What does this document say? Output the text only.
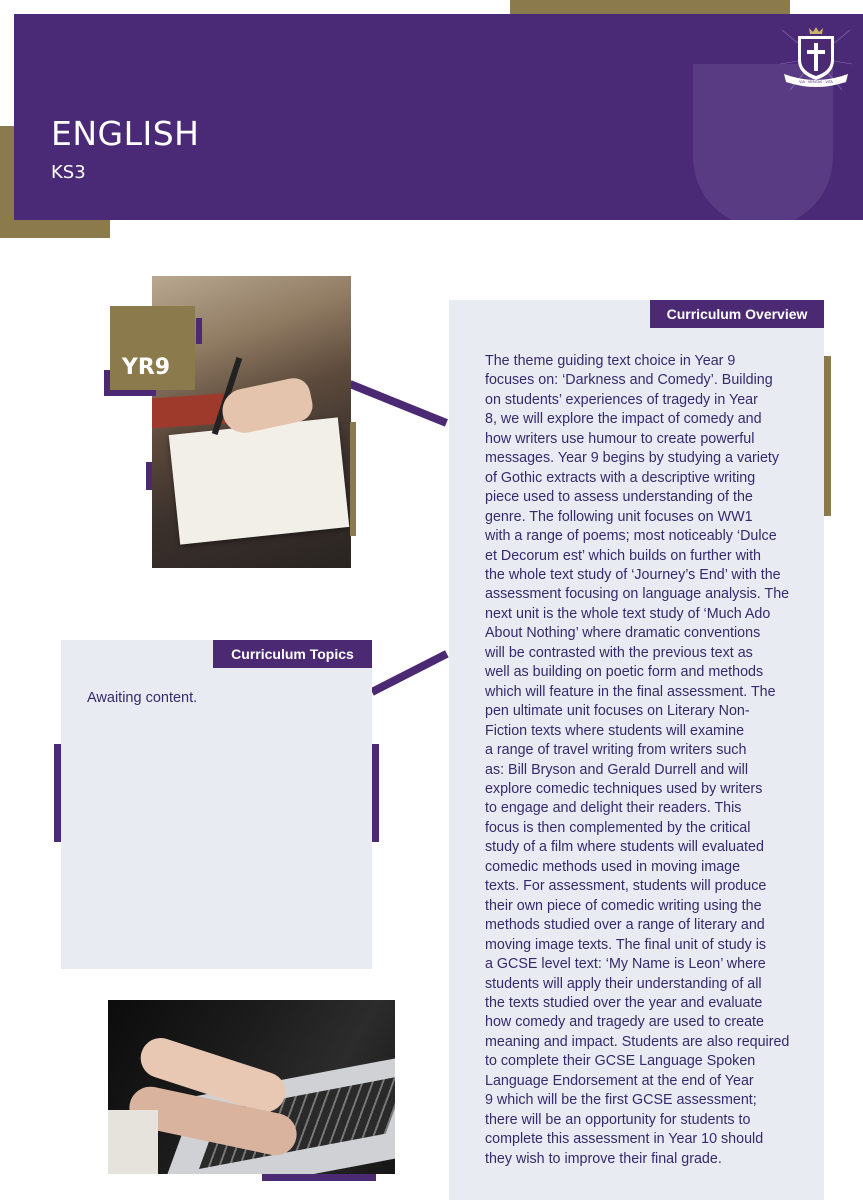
ENGLISH
KS3
VIA · VERITAS · VITA
YR9
Curriculum Overview
The theme guiding text choice in Year 9
focuses on: ‘Darkness and Comedy’. Building
on students’ experiences of tragedy in Year
8, we will explore the impact of comedy and
how writers use humour to create powerful
messages. Year 9 begins by studying a variety
of Gothic extracts with a descriptive writing
piece used to assess understanding of the
genre. The following unit focuses on WW1
with a range of poems; most noticeably ‘Dulce
et Decorum est’ which builds on further with
the whole text study of ‘Journey’s End’ with the
assessment focusing on language analysis. The
next unit is the whole text study of ‘Much Ado
About Nothing’ where dramatic conventions
will be contrasted with the previous text as
well as building on poetic form and methods
which will feature in the final assessment. The
pen ultimate unit focuses on Literary Non-
Fiction texts where students will examine
a range of travel writing from writers such
as: Bill Bryson and Gerald Durrell and will
explore comedic techniques used by writers
to engage and delight their readers. This
focus is then complemented by the critical
study of a film where students will evaluated
comedic methods used in moving image
texts. For assessment, students will produce
their own piece of comedic writing using the
methods studied over a range of literary and
moving image texts. The final unit of study is
a GCSE level text: ‘My Name is Leon’ where
students will apply their understanding of all
the texts studied over the year and evaluate
how comedy and tragedy are used to create
meaning and impact. Students are also required
to complete their GCSE Language Spoken
Language Endorsement at the end of Year
9 which will be the first GCSE assessment;
there will be an opportunity for students to
complete this assessment in Year 10 should
they wish to improve their final grade.
Curriculum Topics
Awaiting content.
